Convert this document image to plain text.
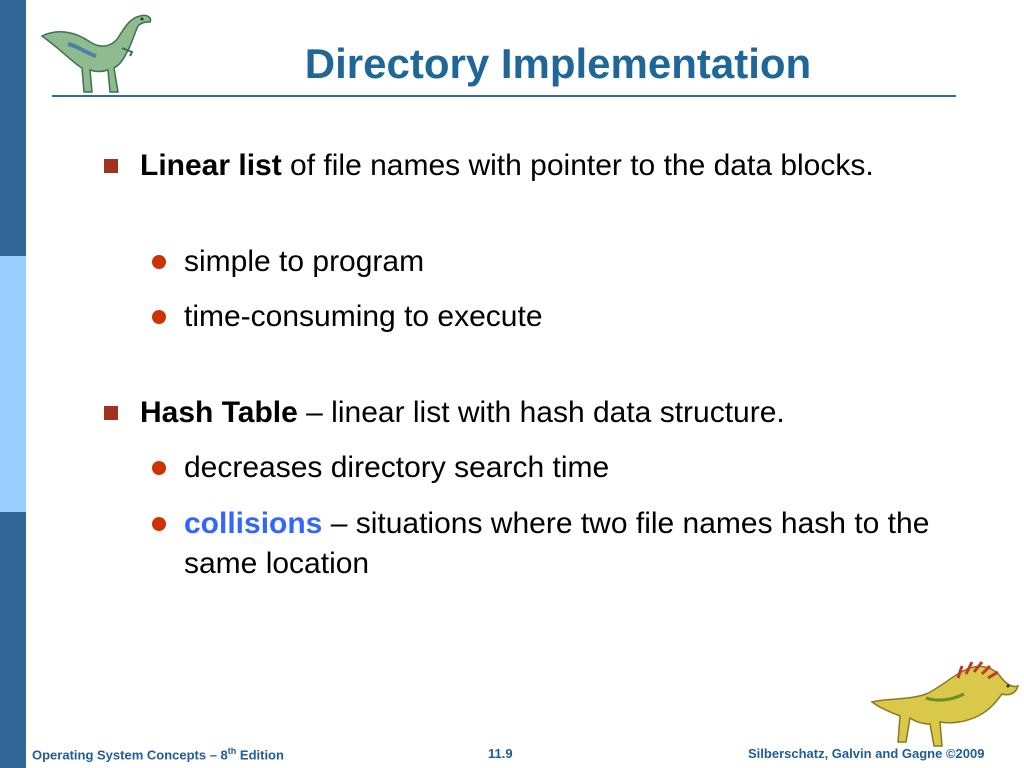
Directory Implementation
Linear list of file names with pointer to the data blocks.
simple to program
time-consuming to execute
Hash Table – linear list with hash data structure.
decreases directory search time
collisions – situations where two file names hash to the same location
Operating System Concepts – 8th Edition	11.9	Silberschatz, Galvin and Gagne ©2009
